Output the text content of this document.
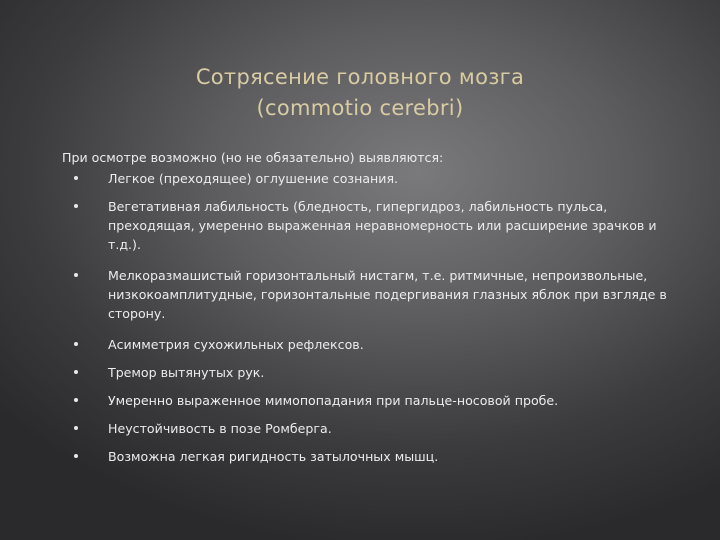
Сотрясение головного мозга
(commotio cerebri)

При осмотре возможно (но не обязательно) выявляются:

Легкое (преходящее) оглушение сознания.
Вегетативная лабильность (бледность, гипергидроз, лабильность пульса, преходящая, умеренно выраженная неравномерность или расширение зрачков и т.д.).
Мелкоразмашистый горизонтальный нистагм, т.е. ритмичные, непроизвольные, низкокоамплитудные, горизонтальные подергивания глазных яблок при взгляде в сторону.
Асимметрия сухожильных рефлексов.
Тремор вытянутых рук.
Умеренно выраженное мимопопадания при пальце-носовой пробе.
Неустойчивость в позе Ромберга.
Возможна легкая ригидность затылочных мышц.
